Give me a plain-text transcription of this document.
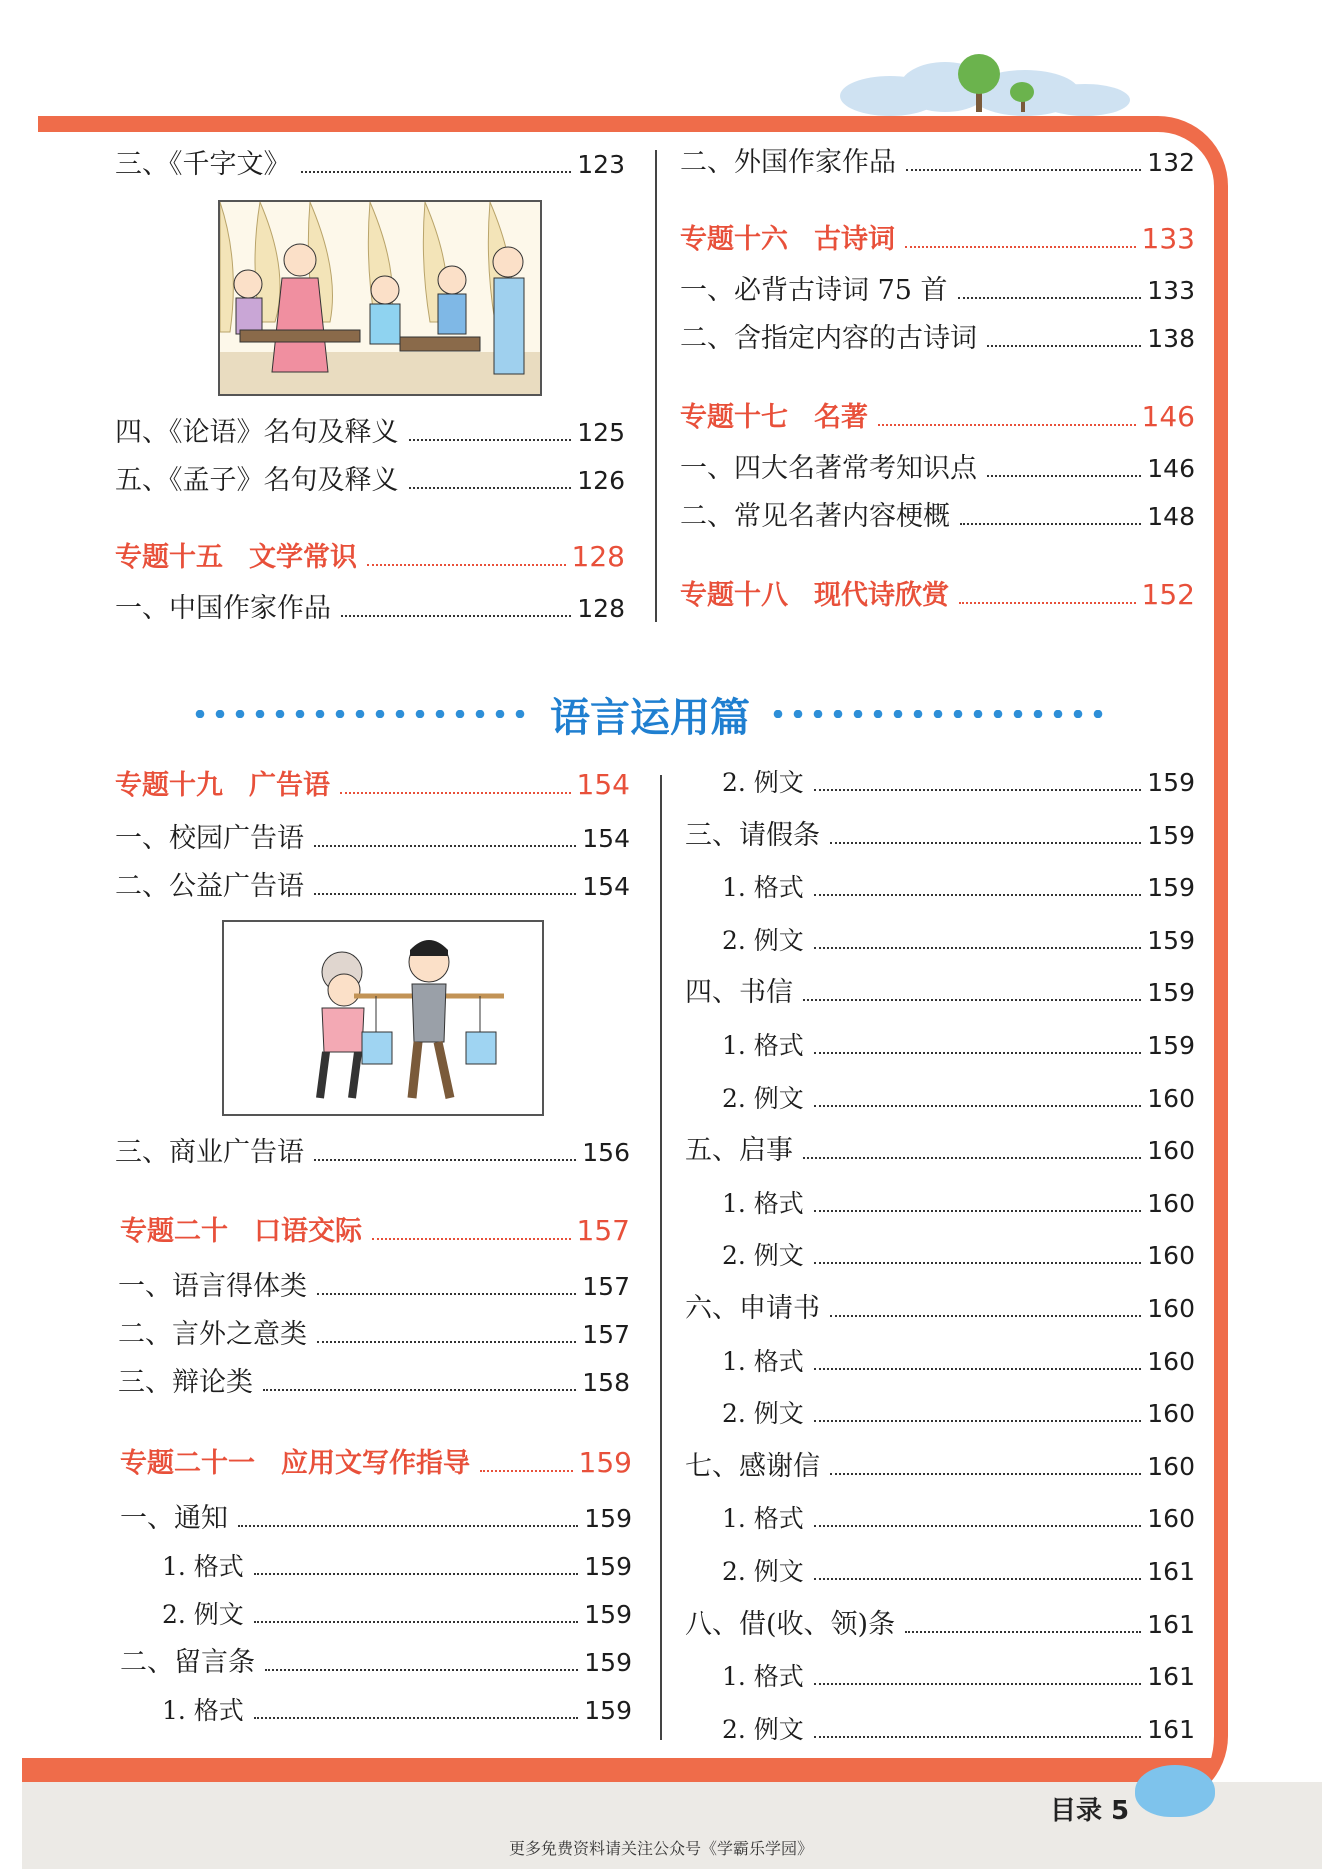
三、《千字文》	123
四、《论语》名句及释义	125
五、《孟子》名句及释义	126
专题十五 文学常识	128
一、中国作家作品	128
二、外国作家作品	132
专题十六 古诗词	133
一、必背古诗词 75 首	133
二、含指定内容的古诗词	138
专题十七 名著	146
一、四大名著常考知识点	146
二、常见名著内容梗概	148
专题十八 现代诗欣赏	152
语言运用篇
专题十九 广告语	154
一、校园广告语	154
二、公益广告语	154
三、商业广告语	156
专题二十 口语交际	157
一、语言得体类	157
二、言外之意类	157
三、辩论类	158
专题二十一 应用文写作指导	159
一、通知	159
1. 格式	159
2. 例文	159
二、留言条	159
1. 格式	159
2. 例文	159
三、请假条	159
1. 格式	159
2. 例文	159
四、书信	159
1. 格式	159
2. 例文	160
五、启事	160
1. 格式	160
2. 例文	160
六、申请书	160
1. 格式	160
2. 例文	160
七、感谢信	160
1. 格式	160
2. 例文	161
八、借(收、领)条	161
1. 格式	161
2. 例文	161
目录 5
更多免费资料请关注公众号《学霸乐学园》
